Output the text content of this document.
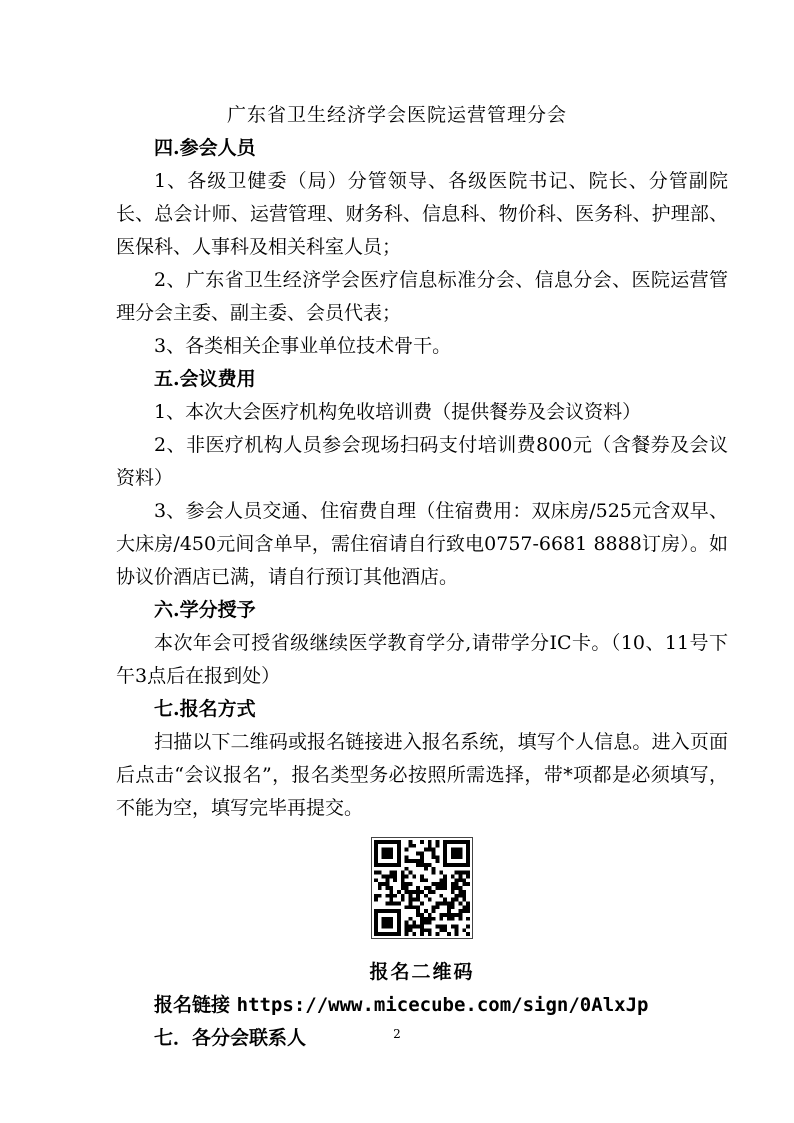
广东省卫生经济学会医院运营管理分会

四.参会人员

1、各级卫健委（局）分管领导、各级医院书记、院长、分管副院长、总会计师、运营管理、财务科、信息科、物价科、医务科、护理部、医保科、人事科及相关科室人员；

2、广东省卫生经济学会医疗信息标准分会、信息分会、医院运营管理分会主委、副主委、会员代表；

3、各类相关企事业单位技术骨干。

五.会议费用

1、本次大会医疗机构免收培训费（提供餐券及会议资料）

2、非医疗机构人员参会现场扫码支付培训费800元（含餐券及会议资料）

3、参会人员交通、住宿费自理（住宿费用：双床房/525元含双早、大床房/450元间含单早，需住宿请自行致电0757-6681 8888订房）。如协议价酒店已满，请自行预订其他酒店。

六.学分授予

本次年会可授省级继续医学教育学分,请带学分IC卡。（10、11号下午3点后在报到处）

七.报名方式

扫描以下二维码或报名链接进入报名系统，填写个人信息。进入页面后点击“会议报名”，报名类型务必按照所需选择，带*项都是必须填写，不能为空，填写完毕再提交。

报名二维码

报名链接 https://www.micecube.com/sign/0AlxJp

七．各分会联系人	2
